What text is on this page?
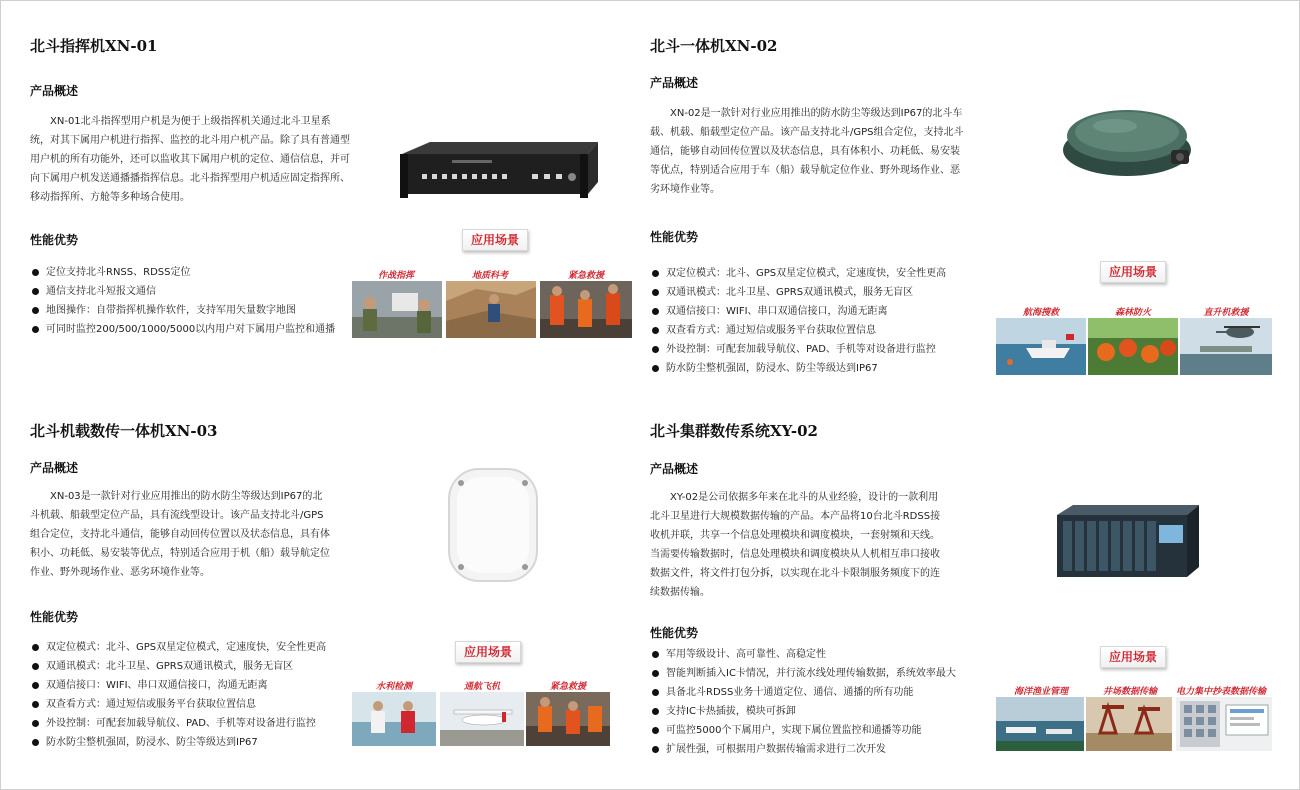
北斗指挥机XN-01
产品概述
XN-01北斗指挥型用户机是为便于上级指挥机关通过北斗卫星系统，对其下属用户机进行指挥、监控的北斗用户机产品。除了具有普通型用户机的所有功能外，还可以监收其下属用户机的定位、通信信息，并可向下属用户机发送通播播指挥信息。北斗指挥型用户机适应固定指挥所、移动指挥所、方舱等多种场合使用。
性能优势
定位支持北斗RNSS、RDSS定位
通信支持北斗短报文通信
地图操作：自带指挥机操作软件，支持军用矢量数字地图
可同时监控200/500/1000/5000以内用户对下属用户监控和通播
应用场景
作战指挥	地质科考	紧急救援
北斗一体机XN-02
产品概述
XN-02是一款针对行业应用推出的防水防尘等级达到IP67的北斗车载、机载、船载型定位产品。该产品支持北斗/GPS组合定位，支持北斗通信，能够自动回传位置以及状态信息，具有体积小、功耗低、易安装等优点，特别适合应用于车（船）载导航定位作业、野外现场作业、恶劣环境作业等。
性能优势
双定位模式：北斗、GPS双星定位模式，定速度快，安全性更高
双通讯模式：北斗卫星、GPRS双通讯模式，服务无盲区
双通信接口：WIFI、串口双通信接口，沟通无距离
双查看方式：通过短信或服务平台获取位置信息
外设控制：可配套加载导航仪、PAD、手机等对设备进行监控
防水防尘整机强固，防浸水、防尘等级达到IP67
应用场景
航海搜救	森林防火	直升机救援
北斗机载数传一体机XN-03
产品概述
XN-03是一款针对行业应用推出的防水防尘等级达到IP67的北斗机载、船载型定位产品，具有流线型设计。该产品支持北斗/GPS组合定位，支持北斗通信，能够自动回传位置以及状态信息，具有体积小、功耗低、易安装等优点，特别适合应用于机（船）载导航定位作业、野外现场作业、恶劣环境作业等。
性能优势
双定位模式：北斗、GPS双星定位模式，定速度快，安全性更高
双通讯模式：北斗卫星、GPRS双通讯模式，服务无盲区
双通信接口：WIFI、串口双通信接口，沟通无距离
双查看方式：通过短信或服务平台获取位置信息
外设控制：可配套加载导航仪、PAD、手机等对设备进行监控
防水防尘整机强固，防浸水、防尘等级达到IP67
应用场景
水利检测	通航飞机	紧急救援
北斗集群数传系统XY-02
产品概述
XY-02是公司依据多年来在北斗的从业经验，设计的一款利用北斗卫星进行大规模数据传输的产品。本产品将10台北斗RDSS接收机并联，共享一个信息处理模块和调度模块，一套射频和天线。当需要传输数据时，信息处理模块和调度模块从人机相互串口接收数据文件，将文件打包分拆，以实现在北斗卡限制服务频度下的连续数据传输。
性能优势
军用等级设计、高可靠性、高稳定性
智能判断插入IC卡情况，并行流水线处理传输数据，系统效率最大
具备北斗RDSS业务十通道定位、通信、通播的所有功能
支持IC卡热插拔，模块可拆卸
可监控5000个下属用户，实现下属位置监控和通播等功能
扩展性强，可根据用户数据传输需求进行二次开发
应用场景
海洋渔业管理	井场数据传输	电力集中抄表数据传输
